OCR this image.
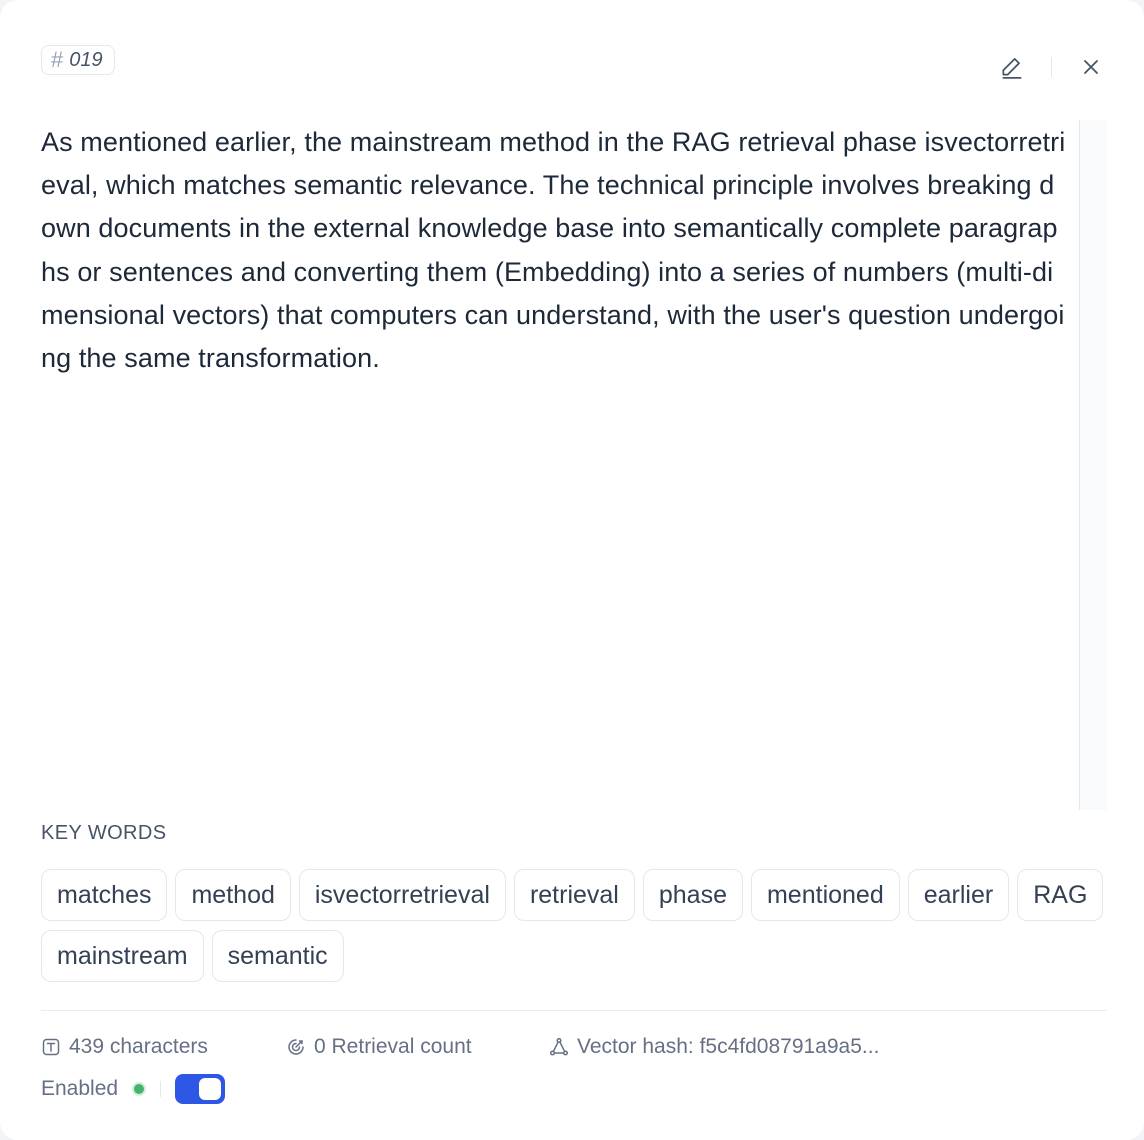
# 019

As mentioned earlier, the mainstream method in the RAG retrieval phase isvectorretrieval, which matches semantic relevance. The technical principle involves breaking down documents in the external knowledge base into semantically complete paragraphs or sentences and converting them (Embedding) into a series of numbers (multi-dimensional vectors) that computers can understand, with the user's question undergoing the same transformation.

KEY WORDS
matches	method	isvectorretrieval	retrieval	phase	mentioned	earlier	RAG
mainstream	semantic
439 characters	0 Retrieval count	Vector hash: f5c4fd08791a9a5...
Enabled
